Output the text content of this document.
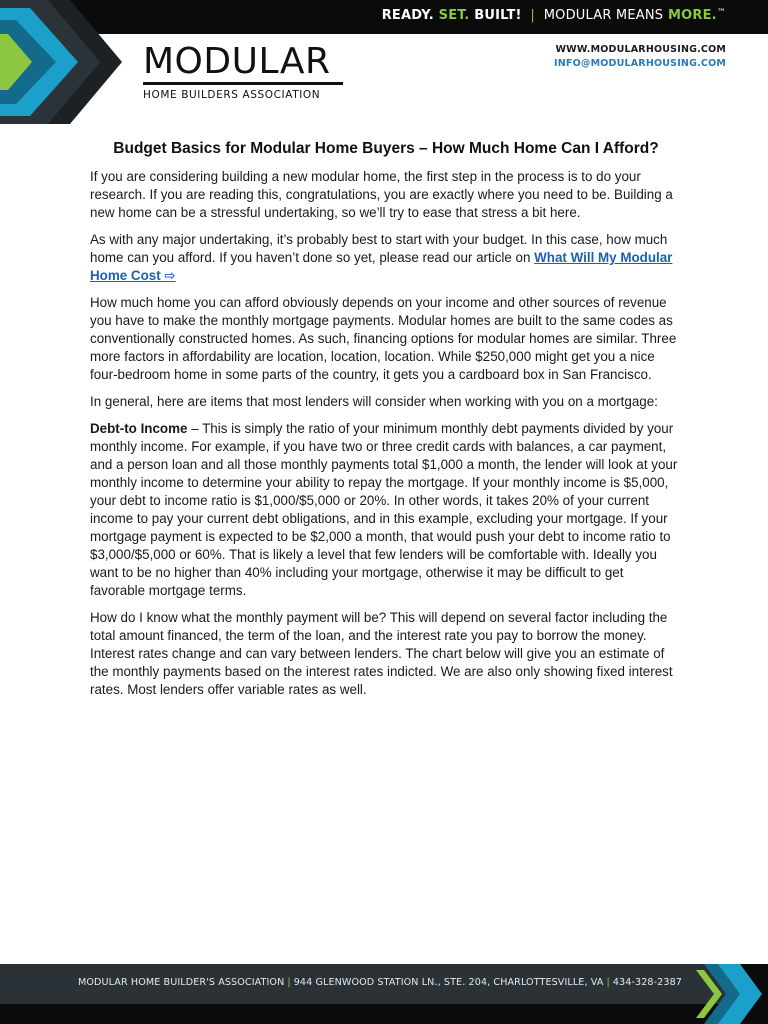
READY. SET. BUILT! | MODULAR MEANS MORE.™
MODULAR
HOME BUILDERS ASSOCIATION
WWW.MODULARHOUSING.COM
INFO@MODULARHOUSING.COM
Budget Basics for Modular Home Buyers – How Much Home Can I Afford?

If you are considering building a new modular home, the first step in the process is to do your research. If you are reading this, congratulations, you are exactly where you need to be. Building a new home can be a stressful undertaking, so we’ll try to ease that stress a bit here.

As with any major undertaking, it’s probably best to start with your budget. In this case, how much home can you afford. If you haven’t done so yet, please read our article on What Will My Modular Home Cost ⇨

How much home you can afford obviously depends on your income and other sources of revenue you have to make the monthly mortgage payments. Modular homes are built to the same codes as conventionally constructed homes. As such, financing options for modular homes are similar. Three more factors in affordability are location, location, location. While $250,000 might get you a nice four-bedroom home in some parts of the country, it gets you a cardboard box in San Francisco.

In general, here are items that most lenders will consider when working with you on a mortgage:

Debt-to Income – This is simply the ratio of your minimum monthly debt payments divided by your monthly income. For example, if you have two or three credit cards with balances, a car payment, and a person loan and all those monthly payments total $1,000 a month, the lender will look at your monthly income to determine your ability to repay the mortgage. If your monthly income is $5,000, your debt to income ratio is $1,000/$5,000 or 20%. In other words, it takes 20% of your current income to pay your current debt obligations, and in this example, excluding your mortgage. If your mortgage payment is expected to be $2,000 a month, that would push your debt to income ratio to $3,000/$5,000 or 60%. That is likely a level that few lenders will be comfortable with. Ideally you want to be no higher than 40% including your mortgage, otherwise it may be difficult to get favorable mortgage terms.

How do I know what the monthly payment will be? This will depend on several factor including the total amount financed, the term of the loan, and the interest rate you pay to borrow the money. Interest rates change and can vary between lenders. The chart below will give you an estimate of the monthly payments based on the interest rates indicted. We are also only showing fixed interest rates. Most lenders offer variable rates as well.

MODULAR HOME BUILDER'S ASSOCIATION | 944 GLENWOOD STATION LN., STE. 204, CHARLOTTESVILLE, VA | 434-328-2387
